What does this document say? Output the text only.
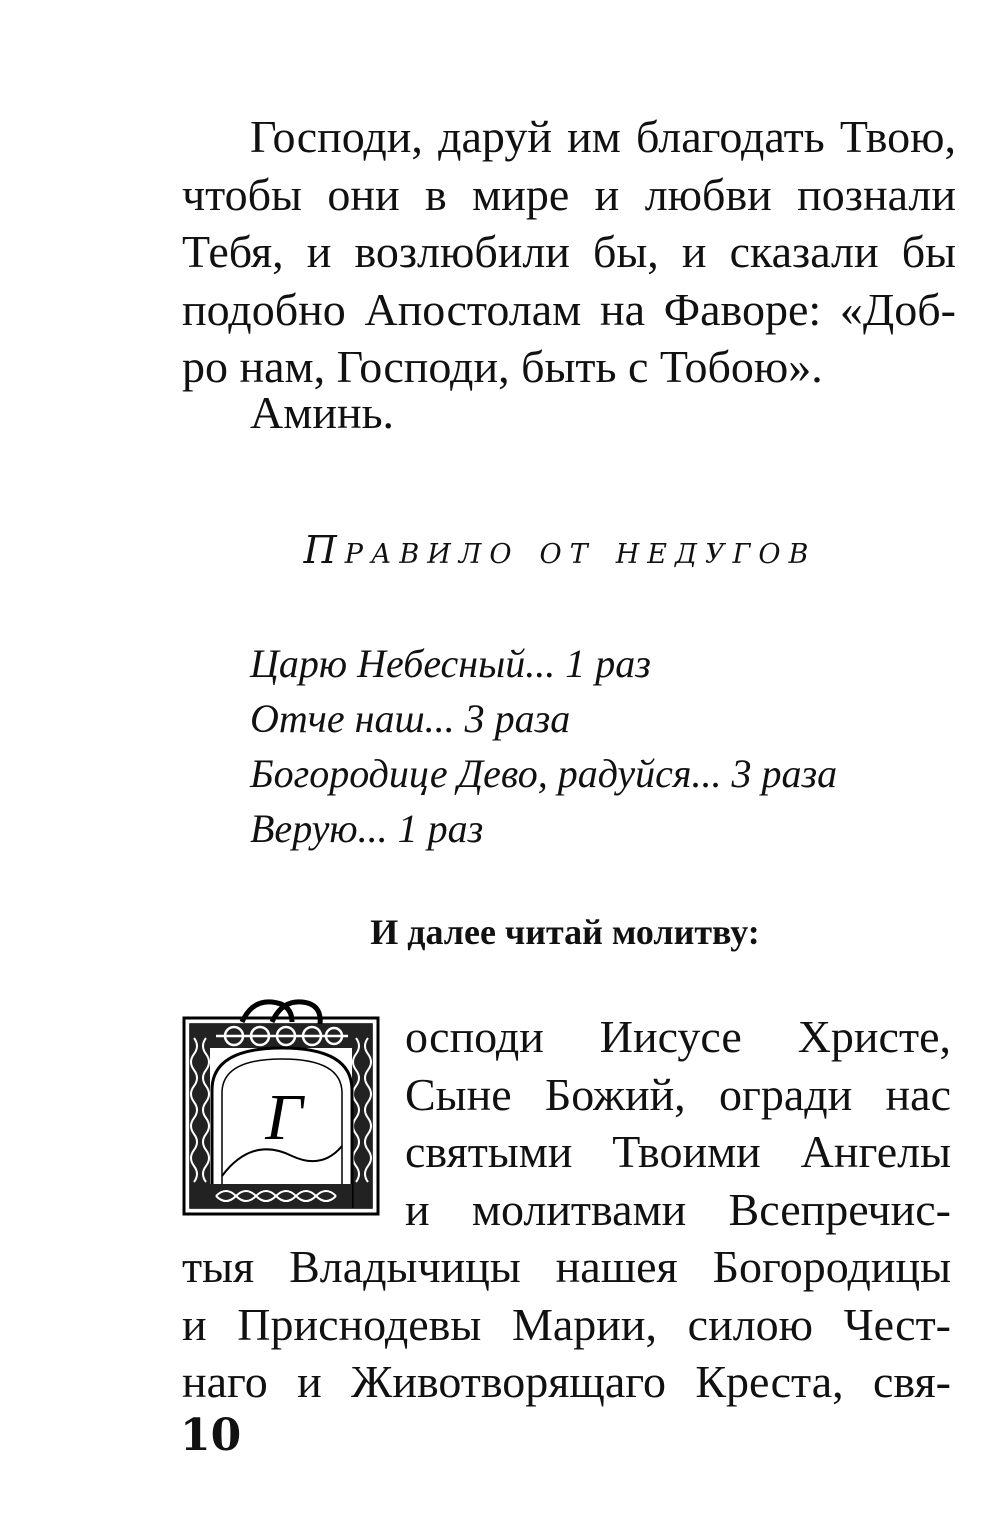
Господи, даруй им благодать Твою,
чтобы они в мире и любви познали
Тебя, и возлюбили бы, и сказали бы
подобно Апостолам на Фаворе: «Доб-
ро нам, Господи, быть с Тобою».
Аминь.
Правило от недугов
Царю Небесный... 1 раз
Отче наш... 3 раза
Богородице Дево, радуйся... 3 раза
Верую... 1 раз
И далее читай молитву:
Г
осподи Иисусе Христе,
Сыне Божий, огради нас
святыми Твоими Ангелы
и молитвами Всепречис-
тыя Владычицы нашея Богородицы
и Приснодевы Марии, силою Чест-
наго и Животворящаго Креста, свя-
10
